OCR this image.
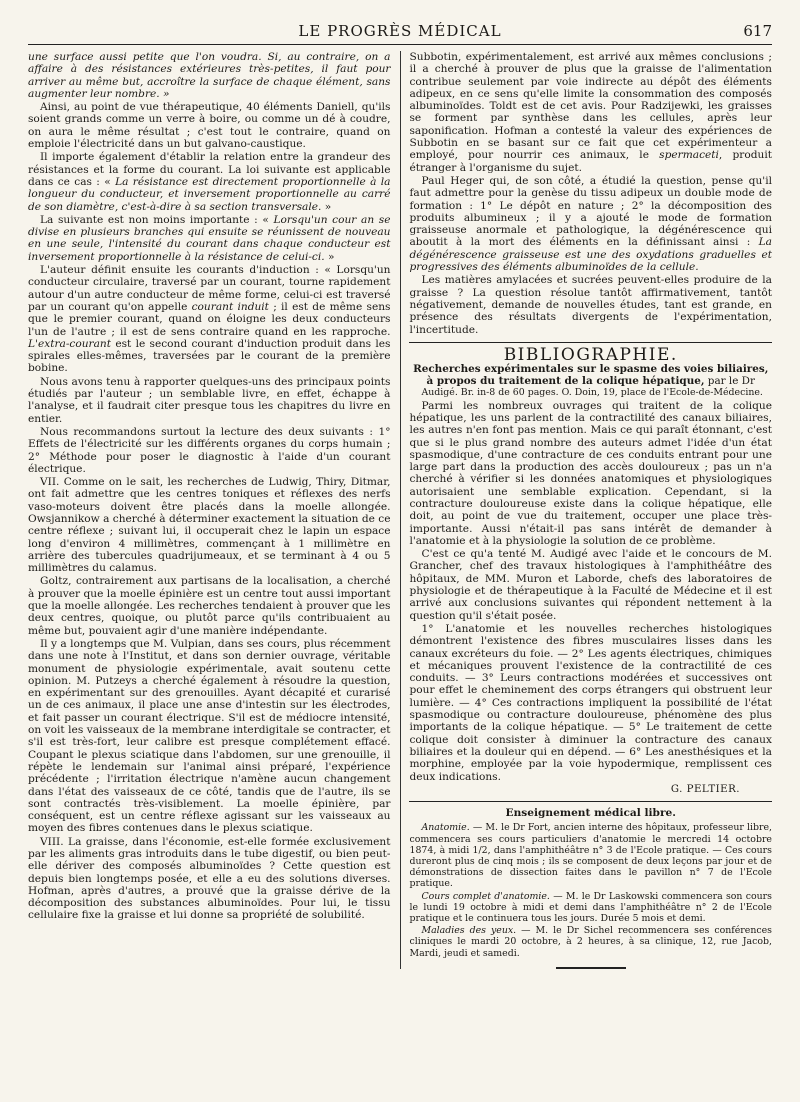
LE PROGRÈS MÉDICAL	617

une surface aussi petite que l'on voudra. Si, au contraire, on a affaire à des résistances extérieures très-petites, il faut pour arriver au même but, accroître la surface de chaque élément, sans augmenter leur nombre. »

Ainsi, au point de vue thérapeutique, 40 éléments Daniell, qu'ils soient grands comme un verre à boire, ou comme un dé à coudre, on aura le même résultat ; c'est tout le contraire, quand on emploie l'électricité dans un but galvano-caustique.

Il importe également d'établir la relation entre la grandeur des résistances et la forme du courant. La loi suivante est applicable dans ce cas : « La résistance est directement proportionnelle à la longueur du conducteur, et inversement proportionnelle au carré de son diamètre, c'est-à-dire à sa section transversale. »

La suivante est non moins importante : « Lorsqu'un cour an se divise en plusieurs branches qui ensuite se réunissent de nouveau en une seule, l'intensité du courant dans chaque conducteur est inversement proportionnelle à la résistance de celui-ci. »

L'auteur définit ensuite les courants d'induction : « Lorsqu'un conducteur circulaire, traversé par un courant, tourne rapidement autour d'un autre conducteur de même forme, celui-ci est traversé par un courant qu'on appelle courant induit ; il est de même sens que le premier courant, quand on éloigne les deux conducteurs l'un de l'autre ; il est de sens contraire quand en les rapproche. L'extra-courant est le second courant d'induction produit dans les spirales elles-mêmes, traversées par le courant de la première bobine.

Nous avons tenu à rapporter quelques-uns des principaux points étudiés par l'auteur ; un semblable livre, en effet, échappe à l'analyse, et il faudrait citer presque tous les chapitres du livre en entier.

Nous recommandons surtout la lecture des deux suivants : 1° Effets de l'électricité sur les différents organes du corps humain ; 2° Méthode pour poser le diagnostic à l'aide d'un courant électrique.

VII. Comme on le sait, les recherches de Ludwig, Thiry, Ditmar, ont fait admettre que les centres toniques et réflexes des nerfs vaso-moteurs doivent être placés dans la moelle allongée. Owsjannikow a cherché à déterminer exactement la situation de ce centre réflexe ; suivant lui, il occuperait chez le lapin un espace long d'environ 4 millimètres, commençant à 1 millimètre en arrière des tubercules quadrijumeaux, et se terminant à 4 ou 5 millimètres du calamus.

Goltz, contrairement aux partisans de la localisation, a cherché à prouver que la moelle épinière est un centre tout aussi important que la moelle allongée. Les recherches tendaient à prouver que les deux centres, quoique, ou plutôt parce qu'ils contribuaient au même but, pouvaient agir d'une manière indépendante.

Il y a longtemps que M. Vulpian, dans ses cours, plus récemment dans une note à l'Institut, et dans son dernier ouvrage, véritable monument de physiologie expérimentale, avait soutenu cette opinion. M. Putzeys a cherché également à résoudre la question, en expérimentant sur des grenouilles. Ayant décapité et curarisé un de ces animaux, il place une anse d'intestin sur les électrodes, et fait passer un courant électrique. S'il est de médiocre intensité, on voit les vaisseaux de la membrane interdigitale se contracter, et s'il est très-fort, leur calibre est presque complétement effacé. Coupant le plexus sciatique dans l'abdomen, sur une grenouille, il répète le lendemain sur l'animal ainsi préparé, l'expérience précédente ; l'irritation électrique n'amène aucun changement dans l'état des vaisseaux de ce côté, tandis que de l'autre, ils se sont contractés très-visiblement. La moelle épinière, par conséquent, est un centre réflexe agissant sur les vaisseaux au moyen des fibres contenues dans le plexus sciatique.

VIII. La graisse, dans l'économie, est-elle formée exclusivement par les aliments gras introduits dans le tube digestif, ou bien peut-elle dériver des composés albuminoïdes ? Cette question est depuis bien longtemps posée, et elle a eu des solutions diverses. Hofman, après d'autres, a prouvé que la graisse dérive de la décomposition des substances albuminoïdes. Pour lui, le tissu cellulaire fixe la graisse et lui donne sa propriété de solubilité.

Subbotin, expérimentalement, est arrivé aux mêmes conclusions ; il a cherché à prouver de plus que la graisse de l'alimentation contribue seulement par voie indirecte au dépôt des éléments adipeux, en ce sens qu'elle limite la consommation des composés albuminoïdes. Toldt est de cet avis. Pour Radzijewki, les graisses se forment par synthèse dans les cellules, après leur saponification. Hofman a contesté la valeur des expériences de Subbotin en se basant sur ce fait que cet expérimenteur a employé, pour nourrir ces animaux, le spermaceti, produit étranger à l'organisme du sujet.

Paul Heger qui, de son côté, a étudié la question, pense qu'il faut admettre pour la genèse du tissu adipeux un double mode de formation : 1° Le dépôt en nature ; 2° la décomposition des produits albumineux ; il y a ajouté le mode de formation graisseuse anormale et pathologique, la dégénérescence qui aboutit à la mort des éléments en la définissant ainsi : La dégénérescence graisseuse est une des oxydations graduelles et progressives des éléments albuminoïdes de la cellule.

Les matières amylacées et sucrées peuvent-elles produire de la graisse ? La question résolue tantôt affirmativement, tantôt négativement, demande de nouvelles études, tant est grande, en présence des résultats divergents de l'expérimentation, l'incertitude.

BIBLIOGRAPHIE.
Recherches expérimentales sur le spasme des voies biliaires, à propos du traitement de la colique hépatique, par le Dr

Audigé. Br. in-8 de 60 pages. O. Doin, 19, place de l'Ecole-de-Médecine.

Parmi les nombreux ouvrages qui traitent de la colique hépatique, les uns parlent de la contractilité des canaux biliaires, les autres n'en font pas mention. Mais ce qui paraît étonnant, c'est que si le plus grand nombre des auteurs admet l'idée d'un état spasmodique, d'une contracture de ces conduits entrant pour une large part dans la production des accès douloureux ; pas un n'a cherché à vérifier si les données anatomiques et physiologiques autorisaient une semblable explication. Cependant, si la contracture douloureuse existe dans la colique hépatique, elle doit, au point de vue du traitement, occuper une place très-importante. Aussi n'était-il pas sans intérêt de demander à l'anatomie et à la physiologie la solution de ce problème.

C'est ce qu'a tenté M. Audigé avec l'aide et le concours de M. Grancher, chef des travaux histologiques à l'amphithéâtre des hôpitaux, de MM. Muron et Laborde, chefs des laboratoires de physiologie et de thérapeutique à la Faculté de Médecine et il est arrivé aux conclusions suivantes qui répondent nettement à la question qu'il s'était posée.

1° L'anatomie et les nouvelles recherches histologiques démontrent l'existence des fibres musculaires lisses dans les canaux excréteurs du foie. — 2° Les agents électriques, chimiques et mécaniques prouvent l'existence de la contractilité de ces conduits. — 3° Leurs contractions modérées et successives ont pour effet le cheminement des corps étrangers qui obstruent leur lumière. — 4° Ces contractions impliquent la possibilité de l'état spasmodique ou contracture douloureuse, phénomène des plus importants de la colique hépatique. — 5° Le traitement de cette colique doit consister à diminuer la contracture des canaux biliaires et la douleur qui en dépend. — 6° Les anesthésiques et la morphine, employée par la voie hypodermique, remplissent ces deux indications.

G. PELTIER.
Enseignement médical libre.

Anatomie. — M. le Dr Fort, ancien interne des hôpitaux, professeur libre, commencera ses cours particuliers d'anatomie le mercredi 14 octobre 1874, à midi 1/2, dans l'amphithéâtre n° 3 de l'Ecole pratique. — Ces cours dureront plus de cinq mois ; ils se composent de deux leçons par jour et de démonstrations de dissection faites dans le pavillon n° 7 de l'Ecole pratique.

Cours complet d'anatomie. — M. le Dr Laskowski commencera son cours le lundi 19 octobre à midi et demi dans l'amphithéâtre n° 2 de l'Ecole pratique et le continuera tous les jours. Durée 5 mois et demi.

Maladies des yeux. — M. le Dr Sichel recommencera ses conférences cliniques le mardi 20 octobre, à 2 heures, à sa clinique, 12, rue Jacob, Mardi, jeudi et samedi.
